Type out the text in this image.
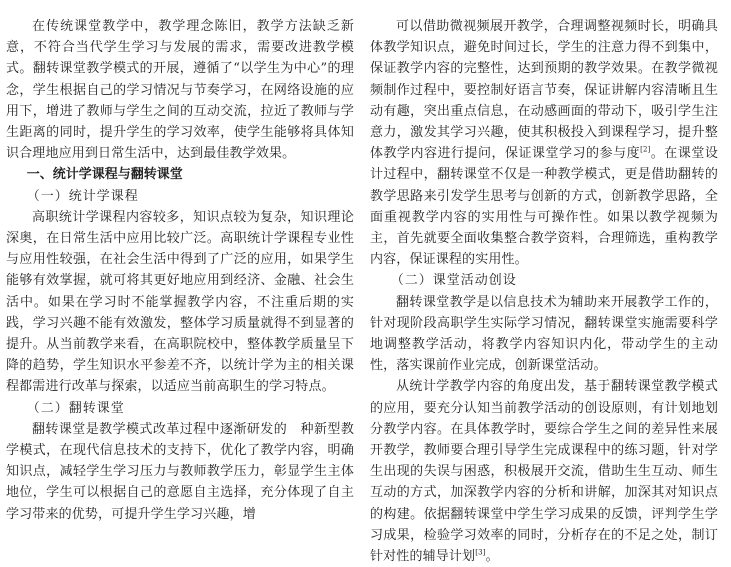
在传统课堂教学中，教学理念陈旧，教学方法缺乏新意，不符合当代学生学习与发展的需求，需要改进教学模式。翻转课堂教学模式的开展，遵循了“以学生为中心”的理念，学生根据自己的学习情况与节奏学习，在网络设施的应用下，增进了教师与学生之间的互动交流，拉近了教师与学生距离的同时，提升学生的学习效率，使学生能够将具体知识合理地应用到日常生活中，达到最佳教学效果。

一、统计学课程与翻转课堂
（一）统计学课程

高职统计学课程内容较多，知识点较为复杂，知识理论深奥，在日常生活中应用比较广泛。高职统计学课程专业性与应用性较强，在社会生活中得到了广泛的应用，如果学生能够有效掌握，就可将其更好地应用到经济、金融、社会生活中。如果在学习时不能掌握教学内容，不注重后期的实践，学习兴趣不能有效激发，整体学习质量就得不到显著的提升。从当前教学来看，在高职院校中，整体教学质量呈下降的趋势，学生知识水平参差不齐，以统计学为主的相关课程都需进行改革与探索，以适应当前高职生的学习特点。

（二）翻转课堂

翻转课堂是教学模式改革过程中逐渐研发的　种新型教学模式，在现代信息技术的支持下，优化了教学内容，明确知识点，减轻学生学习压力与教师教学压力，彰显学生主体地位，学生可以根据自己的意愿自主选择，充分体现了自主学习带来的优势，可提升学生学习兴趣，增

可以借助微视频展开教学，合理调整视频时长，明确具体教学知识点，避免时间过长，学生的注意力得不到集中，保证教学内容的完整性，达到预期的教学效果。在教学微视频制作过程中，要控制好语言节奏，保证讲解内容清晰且生动有趣，突出重点信息，在动感画面的带动下，吸引学生注意力，激发其学习兴趣，使其积极投入到课程学习，提升整体教学内容进行提问，保证课堂学习的参与度[2]。在课堂设计过程中，翻转课堂不仅是一种教学模式，更是借助翻转的教学思路来引发学生思考与创新的方式，创新教学思路，全面重视教学内容的实用性与可操作性。如果以教学视频为主，首先就要全面收集整合教学资料，合理筛选，重构教学内容，保证课程的实用性。

（二）课堂活动创设

翻转课堂教学是以信息技术为辅助来开展教学工作的，针对现阶段高职学生实际学习情况，翻转课堂实施需要科学地调整教学活动，将教学内容知识内化，带动学生的主动性，落实课前作业完成，创新课堂活动。

从统计学教学内容的角度出发，基于翻转课堂教学模式的应用，要充分认知当前教学活动的创设原则，有计划地划分教学内容。在具体教学时，要综合学生之间的差异性来展开教学，教师要合理引导学生完成课程中的练习题，针对学生出现的失误与困惑，积极展开交流，借助生生互动、师生互动的方式，加深教学内容的分析和讲解，加深其对知识点的构建。依据翻转课堂中学生学习成果的反馈，评判学生学习成果，检验学习效率的同时，分析存在的不足之处，制订针对性的辅导计划[3]。
